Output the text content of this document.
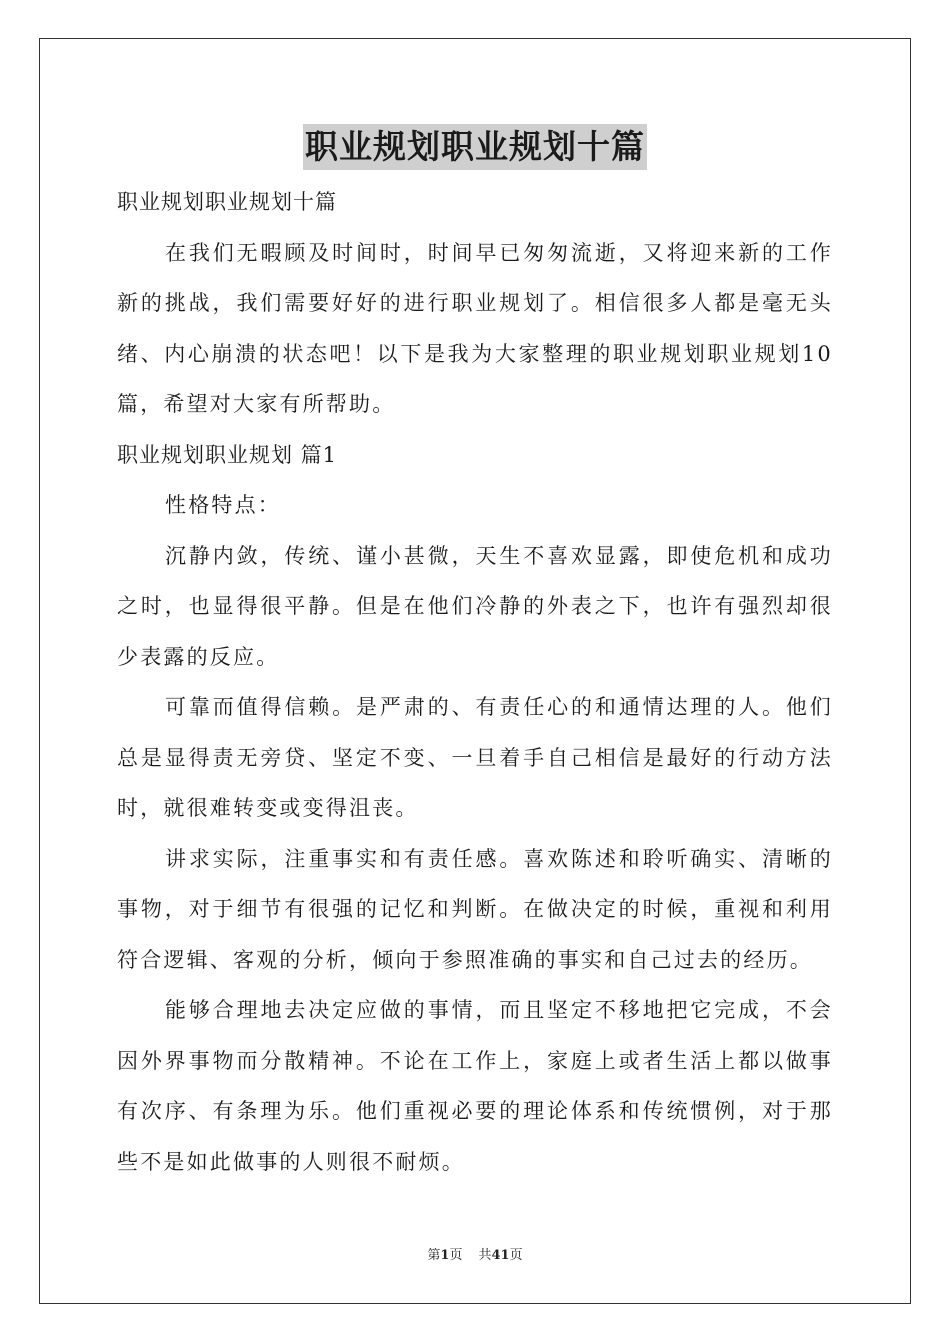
职业规划职业规划十篇

职业规划职业规划十篇

在我们无暇顾及时间时，时间早已匆匆流逝，又将迎来新的工作新的挑战，我们需要好好的进行职业规划了。相信很多人都是毫无头绪、内心崩溃的状态吧！以下是我为大家整理的职业规划职业规划10篇，希望对大家有所帮助。

职业规划职业规划 篇1

性格特点：

沉静内敛，传统、谨小甚微，天生不喜欢显露，即使危机和成功之时，也显得很平静。但是在他们冷静的外表之下，也许有强烈却很少表露的反应。

可靠而值得信赖。是严肃的、有责任心的和通情达理的人。他们总是显得责无旁贷、坚定不变、一旦着手自己相信是最好的行动方法时，就很难转变或变得沮丧。

讲求实际，注重事实和有责任感。喜欢陈述和聆听确实、清晰的事物，对于细节有很强的记忆和判断。在做决定的时候，重视和利用符合逻辑、客观的分析，倾向于参照准确的事实和自己过去的经历。

能够合理地去决定应做的事情，而且坚定不移地把它完成，不会因外界事物而分散精神。不论在工作上，家庭上或者生活上都以做事有次序、有条理为乐。他们重视必要的理论体系和传统惯例，对于那些不是如此做事的人则很不耐烦。

第1页 共41页
